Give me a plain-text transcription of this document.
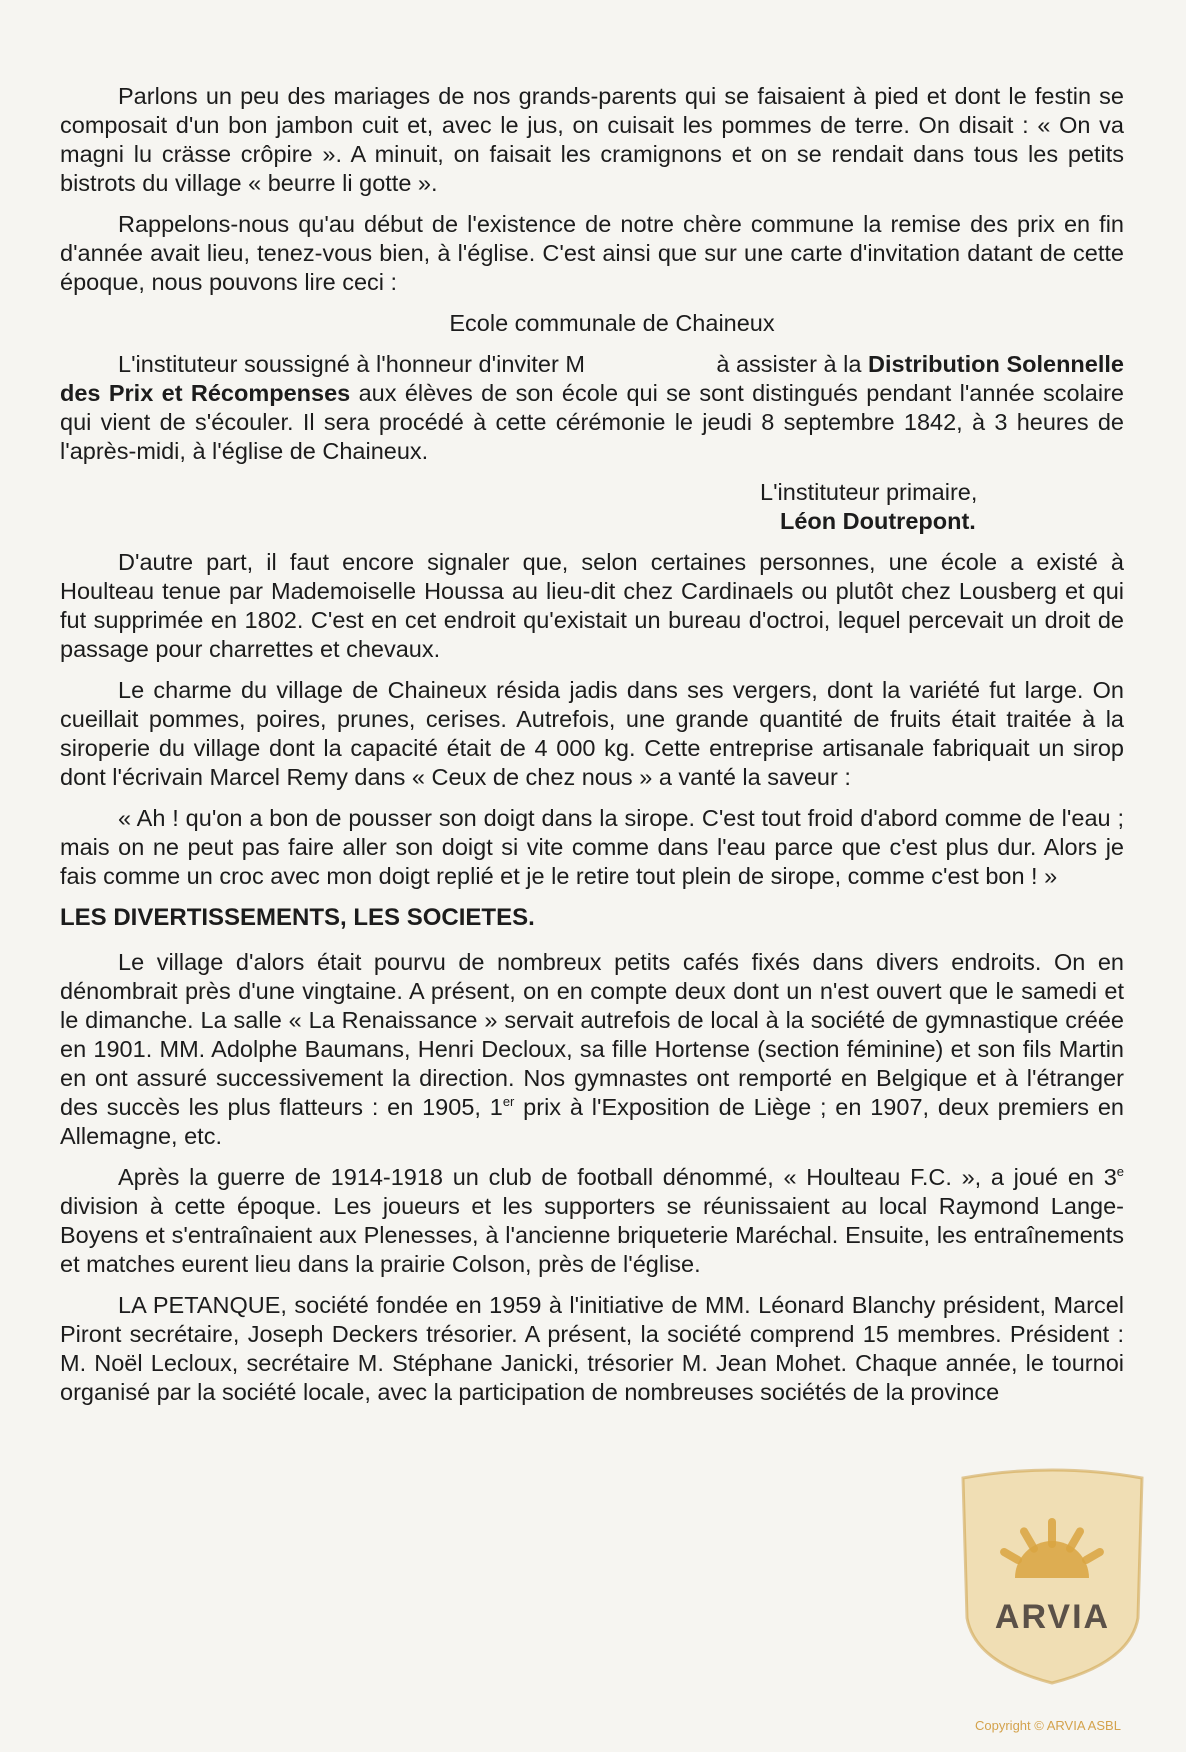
Parlons un peu des mariages de nos grands-parents qui se faisaient à pied et dont le festin se composait d'un bon jambon cuit et, avec le jus, on cuisait les pommes de terre. On disait : « On va magni lu crässe crôpire ». A minuit, on faisait les cramignons et on se rendait dans tous les petits bistrots du village « beurre li gotte ».

Rappelons-nous qu'au début de l'existence de notre chère commune la remise des prix en fin d'année avait lieu, tenez-vous bien, à l'église. C'est ainsi que sur une carte d'invitation datant de cette époque, nous pouvons lire ceci :

Ecole communale de Chaineux

L'instituteur soussigné à l'honneur d'inviter M                    à assister à la Distribution Solennelle des Prix et Récompenses aux élèves de son école qui se sont distingués pendant l'année scolaire qui vient de s'écouler. Il sera procédé à cette cérémonie le jeudi 8 septembre 1842, à 3 heures de l'après-midi, à l'église de Chaineux.

L'instituteur primaire,
Léon Doutrepont.

D'autre part, il faut encore signaler que, selon certaines personnes, une école a existé à Houlteau tenue par Mademoiselle Houssa au lieu-dit chez Cardinaels ou plutôt chez Lousberg et qui fut supprimée en 1802. C'est en cet endroit qu'existait un bureau d'octroi, lequel percevait un droit de passage pour charrettes et chevaux.

Le charme du village de Chaineux résida jadis dans ses vergers, dont la variété fut large. On cueillait pommes, poires, prunes, cerises. Autrefois, une grande quantité de fruits était traitée à la siroperie du village dont la capacité était de 4 000 kg. Cette entreprise artisanale fabriquait un sirop dont l'écrivain Marcel Remy dans « Ceux de chez nous » a vanté la saveur :

« Ah ! qu'on a bon de pousser son doigt dans la sirope. C'est tout froid d'abord comme de l'eau ; mais on ne peut pas faire aller son doigt si vite comme dans l'eau parce que c'est plus dur. Alors je fais comme un croc avec mon doigt replié et je le retire tout plein de sirope, comme c'est bon ! »

LES DIVERTISSEMENTS, LES SOCIETES.

Le village d'alors était pourvu de nombreux petits cafés fixés dans divers endroits. On en dénombrait près d'une vingtaine. A présent, on en compte deux dont un n'est ouvert que le samedi et le dimanche. La salle « La Renaissance » servait autrefois de local à la société de gymnastique créée en 1901. MM. Adolphe Baumans, Henri Decloux, sa fille Hortense (section féminine) et son fils Martin en ont assuré successivement la direction. Nos gymnastes ont remporté en Belgique et à l'étranger des succès les plus flatteurs : en 1905, 1er prix à l'Exposition de Liège ; en 1907, deux premiers en Allemagne, etc.

Après la guerre de 1914-1918 un club de football dénommé, « Houlteau F.C. », a joué en 3e division à cette époque. Les joueurs et les supporters se réunissaient au local Raymond Lange-Boyens et s'entraînaient aux Plenesses, à l'ancienne briqueterie Maréchal. Ensuite, les entraînements et matches eurent lieu dans la prairie Colson, près de l'église.

LA PETANQUE, société fondée en 1959 à l'initiative de MM. Léonard Blanchy président, Marcel Piront secrétaire, Joseph Deckers trésorier. A présent, la société comprend 15 membres. Président : M. Noël Lecloux, secrétaire M. Stéphane Janicki, trésorier M. Jean Mohet. Chaque année, le tournoi organisé par la société locale, avec la participation de nombreuses sociétés de la province

ARVIA
Copyright © ARVIA ASBL
